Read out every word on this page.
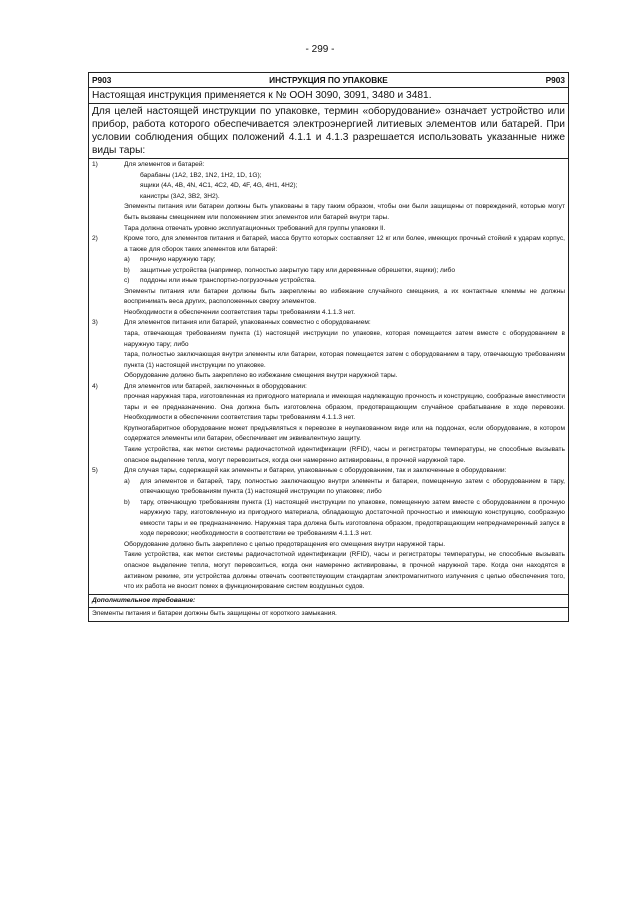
- 299 -
P903	ИНСТРУКЦИЯ ПО УПАКОВКЕ	P903
Настоящая инструкция применяется к № ООН 3090, 3091, 3480 и 3481.
Для целей настоящей инструкции по упаковке, термин «оборудование» означает устройство или прибор, работа которого обеспечивается электроэнергией литиевых элементов или батарей. При условии соблюдения общих положений 4.1.1 и 4.1.3 разрешается использовать указанные ниже виды тары:
1)	Для элементов и батарей:
барабаны (1A2, 1B2, 1N2, 1H2, 1D, 1G);
ящики (4A, 4B, 4N, 4C1, 4C2, 4D, 4F, 4G, 4H1, 4H2);
канистры (3A2, 3B2, 3H2).
Элементы питания или батареи должны быть упакованы в тару таким образом, чтобы они были защищены от повреждений, которые могут быть вызваны смещением или положением этих элементов или батарей внутри тары.
Тара должна отвечать уровню эксплуатационных требований для группы упаковки II.
2)	Кроме того, для элементов питания и батарей, масса брутто которых составляет 12 кг или более, имеющих прочный стойкий к ударам корпус, а также для сборок таких элементов или батарей:
a)	прочную наружную тару;
b)	защитные устройства (например, полностью закрытую тару или деревянные обрешетки, ящики); либо
c)	поддоны или иные транспортно-погрузочные устройства.
Элементы питания или батареи должны быть закреплены во избежание случайного смещения, а их контактные клеммы не должны воспринимать веса других, расположенных сверху элементов.
Необходимости в обеспечении соответствия тары требованиям 4.1.1.3 нет.
3)	Для элементов питания или батарей, упакованных совместно с оборудованием:
тара, отвечающая требованиям пункта (1) настоящей инструкции по упаковке, которая помещается затем вместе с оборудованием в наружную тару; либо
тара, полностью заключающая внутри элементы или батареи, которая помещается затем с оборудованием в тару, отвечающую требованиям пункта (1) настоящей инструкции по упаковке.
Оборудование должно быть закреплено во избежание смещения внутри наружной тары.
4)	Для элементов или батарей, заключенных в оборудовании:
прочная наружная тара, изготовленная из пригодного материала и имеющая надлежащую прочность и конструкцию, сообразные вместимости тары и ее предназначению. Она должна быть изготовлена образом, предотвращающим случайное срабатывание в ходе перевозки. Необходимости в обеспечении соответствия тары требованиям 4.1.1.3 нет.
Крупногабаритное оборудование может предъявляться к перевозке в неупакованном виде или на поддонах, если оборудование, в котором содержатся элементы или батареи, обеспечивает им эквивалентную защиту.
Такие устройства, как метки системы радиочастотной идентификации (RFID), часы и регистраторы температуры, не способные вызывать опасное выделение тепла, могут перевозиться, когда они намеренно активированы, в прочной наружной таре.
5)	Для случая тары, содержащей как элементы и батареи, упакованные с оборудованием, так и заключенные в оборудовании:
a)	для элементов и батарей, тару, полностью заключающую внутри элементы и батареи, помещенную затем с оборудованием в тару, отвечающую требованиям пункта (1) настоящей инструкции по упаковке; либо
b)	тару, отвечающую требованиям пункта (1) настоящей инструкции по упаковке, помещенную затем вместе с оборудованием в прочную наружную тару, изготовленную из пригодного материала, обладающую достаточной прочностью и имеющую конструкцию, сообразную емкости тары и ее предназначению. Наружная тара должна быть изготовлена образом, предотвращающим непреднамеренный запуск в ходе перевозки; необходимости в соответствии ее требованиям 4.1.1.3 нет.
Оборудование должно быть закреплено с целью предотвращения его смещения внутри наружной тары.
Такие устройства, как метки системы радиочастотной идентификации (RFID), часы и регистраторы температуры, не способные вызывать опасное выделение тепла, могут перевозиться, когда они намеренно активированы, в прочной наружной таре. Когда они находятся в активном режиме, эти устройства должны отвечать соответствующим стандартам электромагнитного излучения с целью обеспечения того, что их работа не вносит помех в функционирование систем воздушных судов.
Дополнительное требование:
Элементы питания и батареи должны быть защищены от короткого замыкания.
